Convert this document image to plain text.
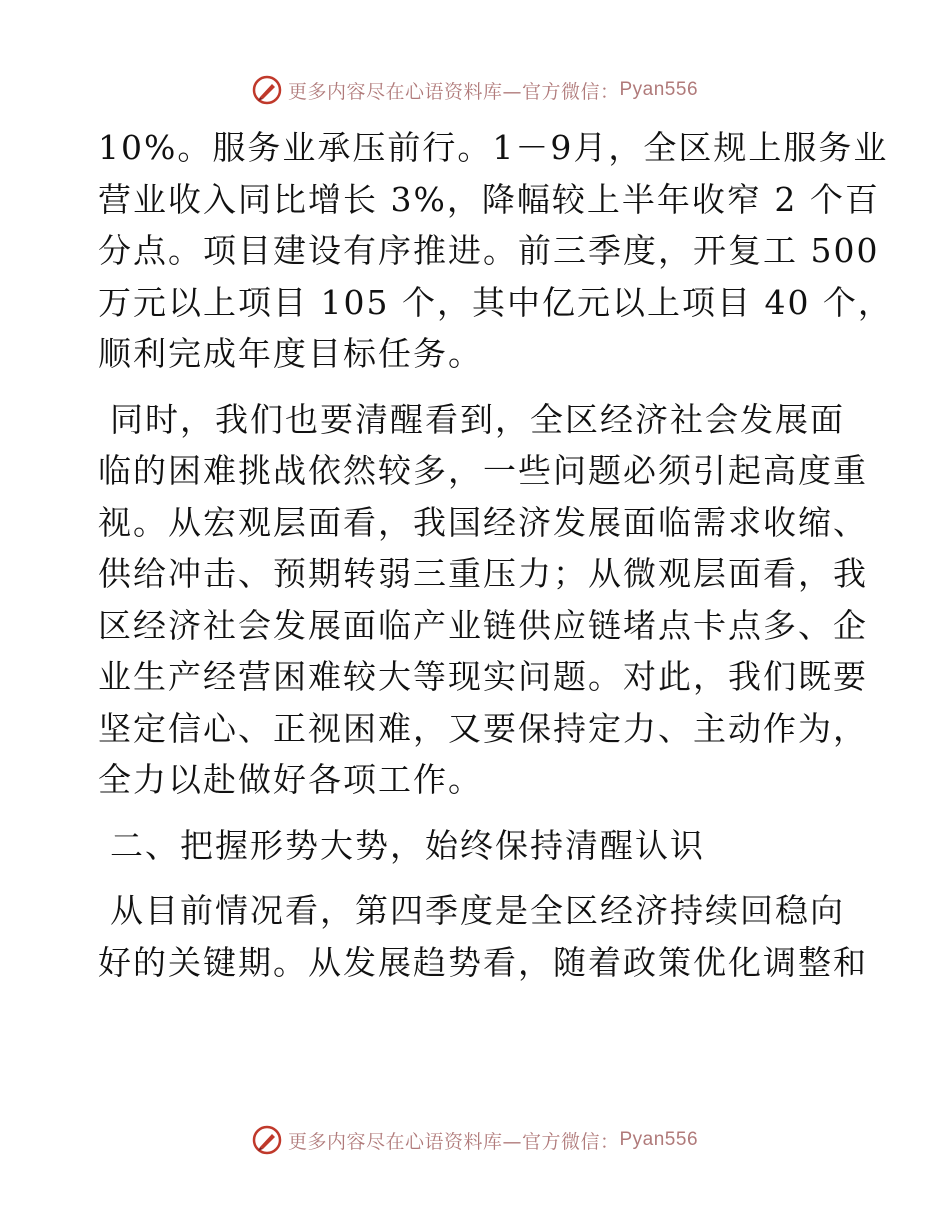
更多内容尽在心语资料库—官方微信： Pyan556
10%。服务业承压前行。1－9月，全区规上服务业
营业收入同比增长 3%，降幅较上半年收窄 2 个百
分点。项目建设有序推进。前三季度，开复工 500
万元以上项目 105 个，其中亿元以上项目 40 个，
顺利完成年度目标任务。
同时，我们也要清醒看到，全区经济社会发展面
临的困难挑战依然较多，一些问题必须引起高度重
视。从宏观层面看，我国经济发展面临需求收缩、
供给冲击、预期转弱三重压力；从微观层面看，我
区经济社会发展面临产业链供应链堵点卡点多、企
业生产经营困难较大等现实问题。对此，我们既要
坚定信心、正视困难，又要保持定力、主动作为，
全力以赴做好各项工作。
二、把握形势大势，始终保持清醒认识
从目前情况看，第四季度是全区经济持续回稳向
好的关键期。从发展趋势看，随着政策优化调整和
更多内容尽在心语资料库—官方微信： Pyan556
